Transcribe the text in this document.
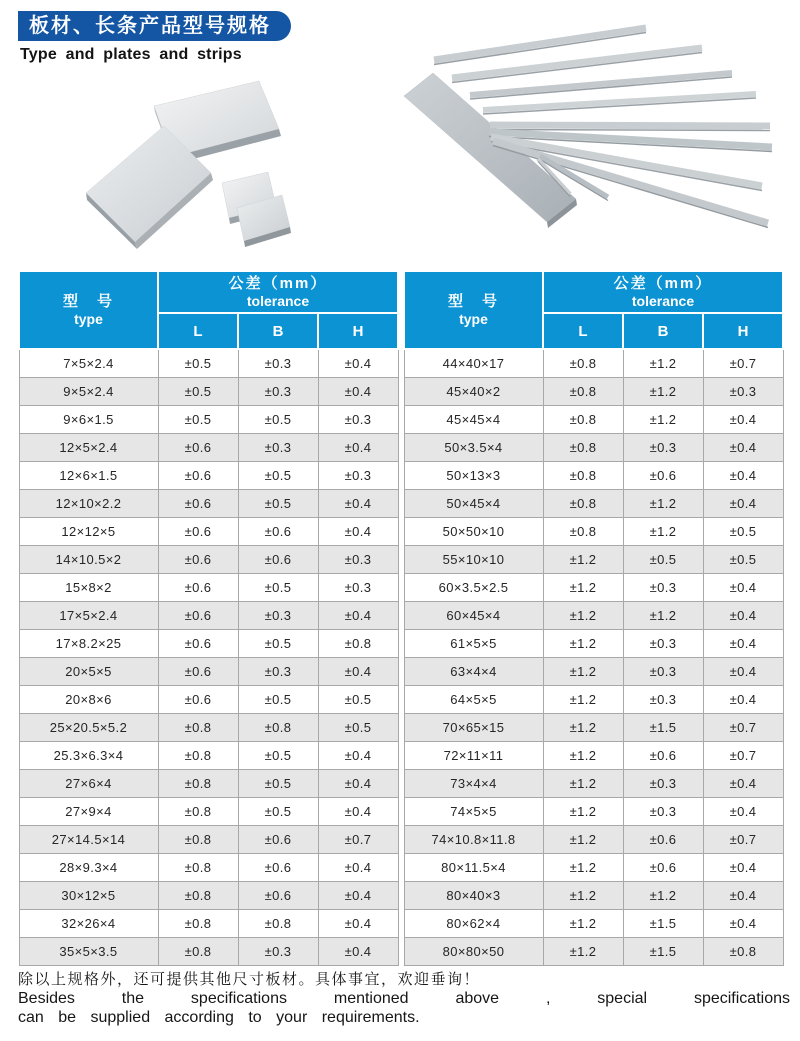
板材、长条产品型号规格
Type and plates and strips
型　号
type	公差（mm）
tolerance		

	L	B	H
7×5×2.4	±0.5	±0.3	±0.4
9×5×2.4	±0.5	±0.3	±0.4
9×6×1.5	±0.5	±0.5	±0.3
12×5×2.4	±0.6	±0.3	±0.4
12×6×1.5	±0.6	±0.5	±0.3
12×10×2.2	±0.6	±0.5	±0.4
12×12×5	±0.6	±0.6	±0.4
14×10.5×2	±0.6	±0.6	±0.3
15×8×2	±0.6	±0.5	±0.3
17×5×2.4	±0.6	±0.3	±0.4
17×8.2×25	±0.6	±0.5	±0.8
20×5×5	±0.6	±0.3	±0.4
20×8×6	±0.6	±0.5	±0.5
25×20.5×5.2	±0.8	±0.8	±0.5
25.3×6.3×4	±0.8	±0.5	±0.4
27×6×4	±0.8	±0.5	±0.4
27×9×4	±0.8	±0.5	±0.4
27×14.5×14	±0.8	±0.6	±0.7
28×9.3×4	±0.8	±0.6	±0.4
30×12×5	±0.8	±0.6	±0.4
32×26×4	±0.8	±0.8	±0.4
35×5×3.5	±0.8	±0.3	±0.4
型　号
type	公差（mm）
tolerance		

	L	B	H
44×40×17	±0.8	±1.2	±0.7
45×40×2	±0.8	±1.2	±0.3
45×45×4	±0.8	±1.2	±0.4
50×3.5×4	±0.8	±0.3	±0.4
50×13×3	±0.8	±0.6	±0.4
50×45×4	±0.8	±1.2	±0.4
50×50×10	±0.8	±1.2	±0.5
55×10×10	±1.2	±0.5	±0.5
60×3.5×2.5	±1.2	±0.3	±0.4
60×45×4	±1.2	±1.2	±0.4
61×5×5	±1.2	±0.3	±0.4
63×4×4	±1.2	±0.3	±0.4
64×5×5	±1.2	±0.3	±0.4
70×65×15	±1.2	±1.5	±0.7
72×11×11	±1.2	±0.6	±0.7
73×4×4	±1.2	±0.3	±0.4
74×5×5	±1.2	±0.3	±0.4
74×10.8×11.8	±1.2	±0.6	±0.7
80×11.5×4	±1.2	±0.6	±0.4
80×40×3	±1.2	±1.2	±0.4
80×62×4	±1.2	±1.5	±0.4
80×80×50	±1.2	±1.5	±0.8
除以上规格外，还可提供其他尺寸板材。具体事宜，欢迎垂询！
Besides the specifications mentioned above , special specifications
can be supplied according to your requirements.
